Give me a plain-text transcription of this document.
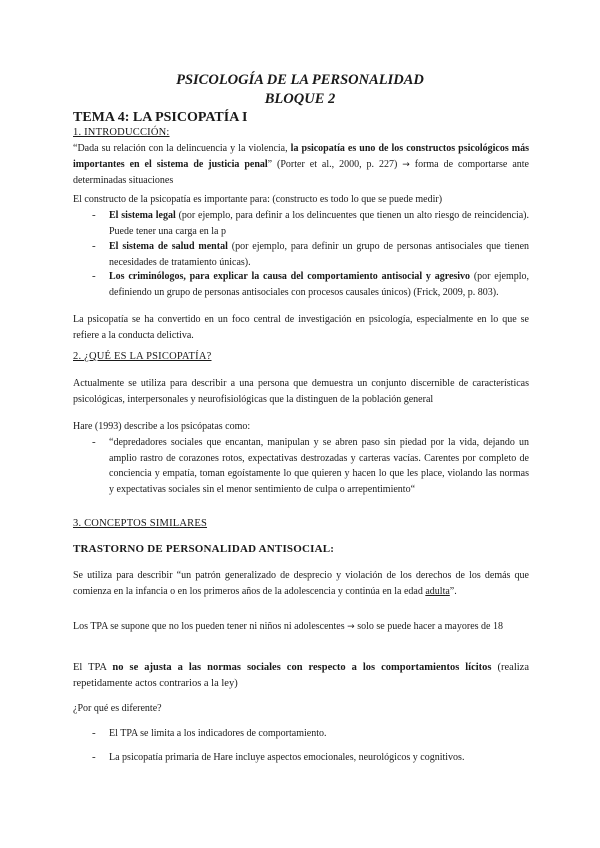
PSICOLOGÍA DE LA PERSONALIDAD
BLOQUE 2
TEMA 4: LA PSICOPATÍA I
1. INTRODUCCIÓN:
“Dada su relación con la delincuencia y la violencia, la psicopatía es uno de los constructos psicológicos más importantes en el sistema de justicia penal” (Porter et al., 2000, p. 227) → forma de comportarse ante determinadas situaciones
El constructo de la psicopatía es importante para: (constructo es todo lo que se puede medir)
- El sistema legal (por ejemplo, para definir a los delincuentes que tienen un alto riesgo de reincidencia). Puede tener una carga en la p
- El sistema de salud mental (por ejemplo, para definir un grupo de personas antisociales que tienen necesidades de tratamiento únicas).
- Los criminólogos, para explicar la causa del comportamiento antisocial y agresivo (por ejemplo, definiendo un grupo de personas antisociales con procesos causales únicos) (Frick, 2009, p. 803).
La psicopatía se ha convertido en un foco central de investigación en psicología, especialmente en lo que se refiere a la conducta delictiva.
2. ¿QUÉ ES LA PSICOPATÍA?
Actualmente se utiliza para describir a una persona que demuestra un conjunto discernible de características psicológicas, interpersonales y neurofisiológicas que la distinguen de la población general
Hare (1993) describe a los psicópatas como:
- “depredadores sociales que encantan, manipulan y se abren paso sin piedad por la vida, dejando un amplio rastro de corazones rotos, expectativas destrozadas y carteras vacías. Carentes por completo de conciencia y empatía, toman egoístamente lo que quieren y hacen lo que les place, violando las normas y expectativas sociales sin el menor sentimiento de culpa o arrepentimiento“
3. CONCEPTOS SIMILARES
TRASTORNO DE PERSONALIDAD ANTISOCIAL:
Se utiliza para describir “un patrón generalizado de desprecio y violación de los derechos de los demás que comienza en la infancia o en los primeros años de la adolescencia y continúa en la edad adulta”.
Los TPA se supone que no los pueden tener ni niños ni adolescentes → solo se puede hacer a mayores de 18
El TPA no se ajusta a las normas sociales con respecto a los comportamientos lícitos (realiza repetidamente actos contrarios a la ley)
¿Por qué es diferente?
- El TPA se limita a los indicadores de comportamiento.
- La psicopatía primaria de Hare incluye aspectos emocionales, neurológicos y cognitivos.
